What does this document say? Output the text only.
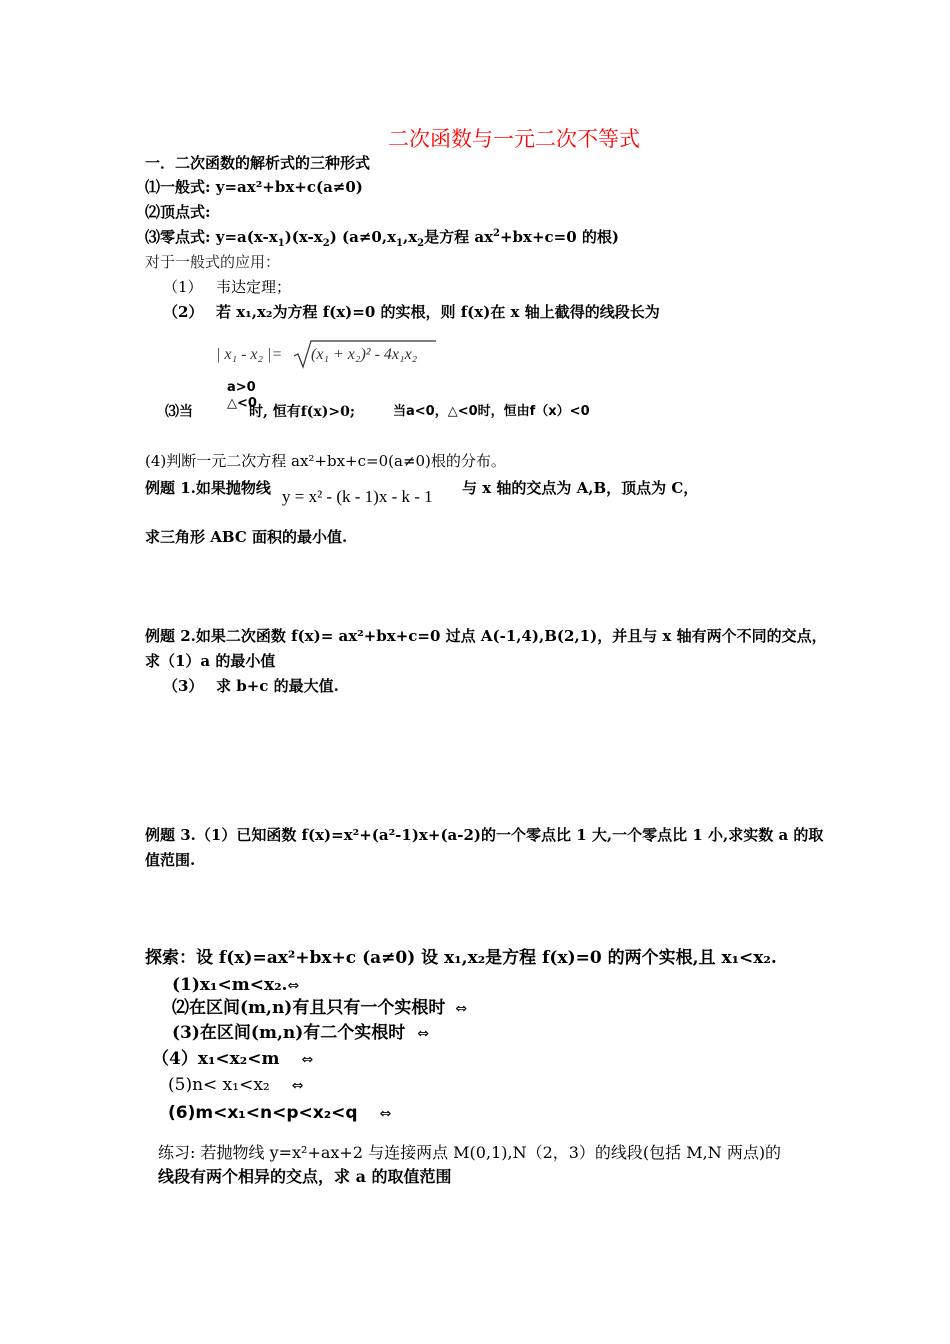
二次函数与一元二次不等式
一．二次函数的解析式的三种形式
⑴一般式: y=ax²+bx+c(a≠0)
⑵顶点式:
⑶零点式: $y=a(x-x_1)(x-x_2)$ ($a\ne 0,x_1,x_2$是方程 $ax^2+bx+c=0$ 的根)
对于一般式的应用：
（1） 韦达定理；
（2） 若 x₁,x₂为方程 f(x)=0 的实根，则 f(x)在 x 轴上截得的线段长为
| x₁ - x₂ |= (x₁ + x₂)² - 4x₁x₂
a>0
△<0
⑶当	时, 恒有f(x)>0;	当a<0，△<0时，恒由f（x）<0
(4)判断一元二次方程 ax²+bx+c=0(a≠0)根的分布。
例题 1.如果抛物线 y = x² - (k - 1)x - k - 1 与 x 轴的交点为 A,B，顶点为 C，
求三角形 ABC 面积的最小值.
例题 2.如果二次函数 f(x)= ax²+bx+c=0 过点 A(-1,4),B(2,1)，并且与 x 轴有两个不同的交点，
求（1）a 的最小值
（3） 求 b+c 的最大值.
例题 3.（1）已知函数 f(x)=x²+(a²-1)x+(a-2)的一个零点比 1 大,一个零点比 1 小,求实数 a 的取
值范围.
探索：设 f(x)=ax²+bx+c (a≠0) 设 x₁,x₂是方程 f(x)=0 的两个实根,且 x₁<x₂.
(1)x₁<m<x₂.⇔
⑵在区间(m,n)有且只有一个实根时 ⇔
(3)在区间(m,n)有二个实根时 ⇔
（4）x₁<x₂<m ⇔
(5)n< x₁<x₂ ⇔
(6)m<x₁<n<p<x₂<q ⇔
练习: 若抛物线 y=x²+ax+2 与连接两点 M(0,1),N（2，3）的线段(包括 M,N 两点)的
线段有两个相异的交点，求 a 的取值范围
